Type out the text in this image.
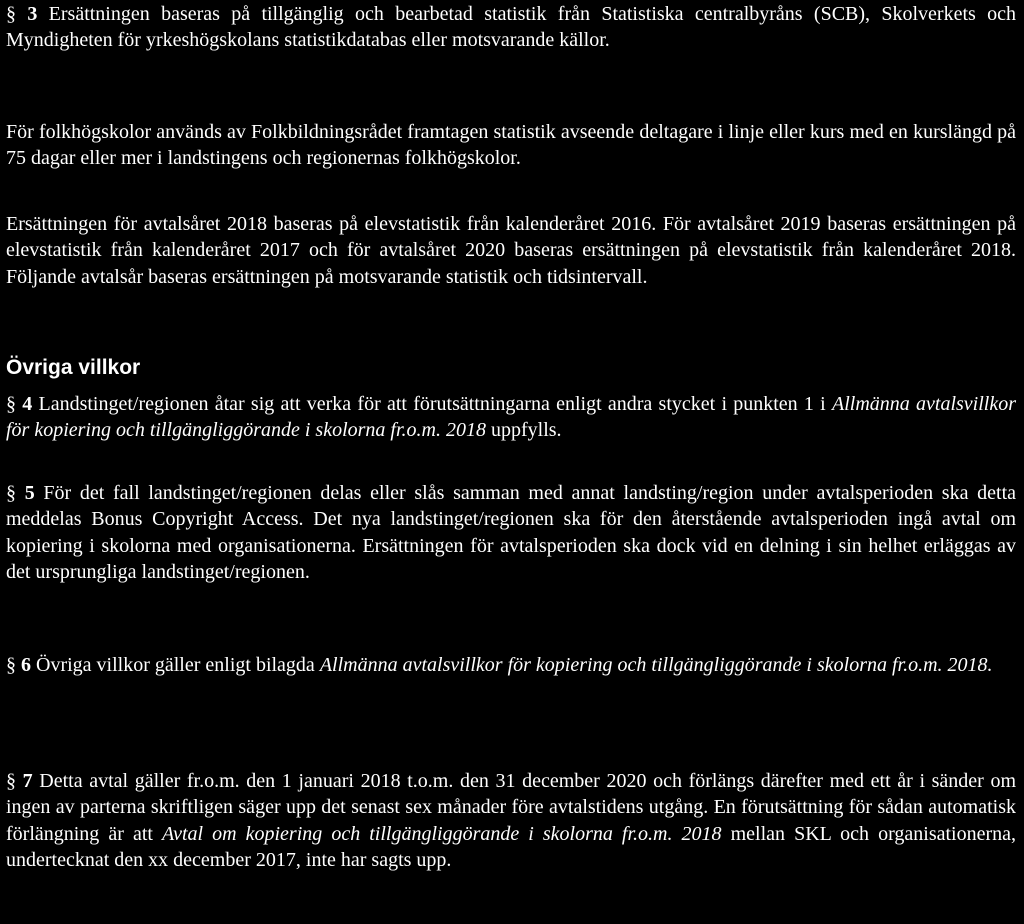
§ 3 Ersättningen baseras på tillgänglig och bearbetad statistik från Statistiska centralbyråns (SCB), Skolverkets och Myndigheten för yrkeshögskolans statistikdatabas eller motsvarande källor.

För folkhögskolor används av Folkbildningsrådet framtagen statistik avseende deltagare i linje eller kurs med en kurslängd på 75 dagar eller mer i landstingens och regionernas folkhögskolor.

Ersättningen för avtalsåret 2018 baseras på elevstatistik från kalenderåret 2016. För avtalsåret 2019 baseras ersättningen på elevstatistik från kalenderåret 2017 och för avtalsåret 2020 baseras ersättningen på elevstatistik från kalenderåret 2018. Följande avtalsår baseras ersättningen på motsvarande statistik och tidsintervall.

Övriga villkor

§ 4 Landstinget/regionen åtar sig att verka för att förutsättningarna enligt andra stycket i punkten 1 i Allmänna avtalsvillkor för kopiering och tillgängliggörande i skolorna fr.o.m. 2018 uppfylls.

§ 5 För det fall landstinget/regionen delas eller slås samman med annat landsting/region under avtalsperioden ska detta meddelas Bonus Copyright Access. Det nya landstinget/regionen ska för den återstående avtalsperioden ingå avtal om kopiering i skolorna med organisationerna. Ersättningen för avtalsperioden ska dock vid en delning i sin helhet erläggas av det ursprungliga landstinget/regionen.

§ 6 Övriga villkor gäller enligt bilagda Allmänna avtalsvillkor för kopiering och tillgängliggörande i skolorna fr.o.m. 2018.

§ 7 Detta avtal gäller fr.o.m. den 1 januari 2018 t.o.m. den 31 december 2020 och förlängs därefter med ett år i sänder om ingen av parterna skriftligen säger upp det senast sex månader före avtalstidens utgång. En förutsättning för sådan automatisk förlängning är att Avtal om kopiering och tillgängliggörande i skolorna fr.o.m. 2018 mellan SKL och organisationerna, undertecknat den xx december 2017, inte har sagts upp.
